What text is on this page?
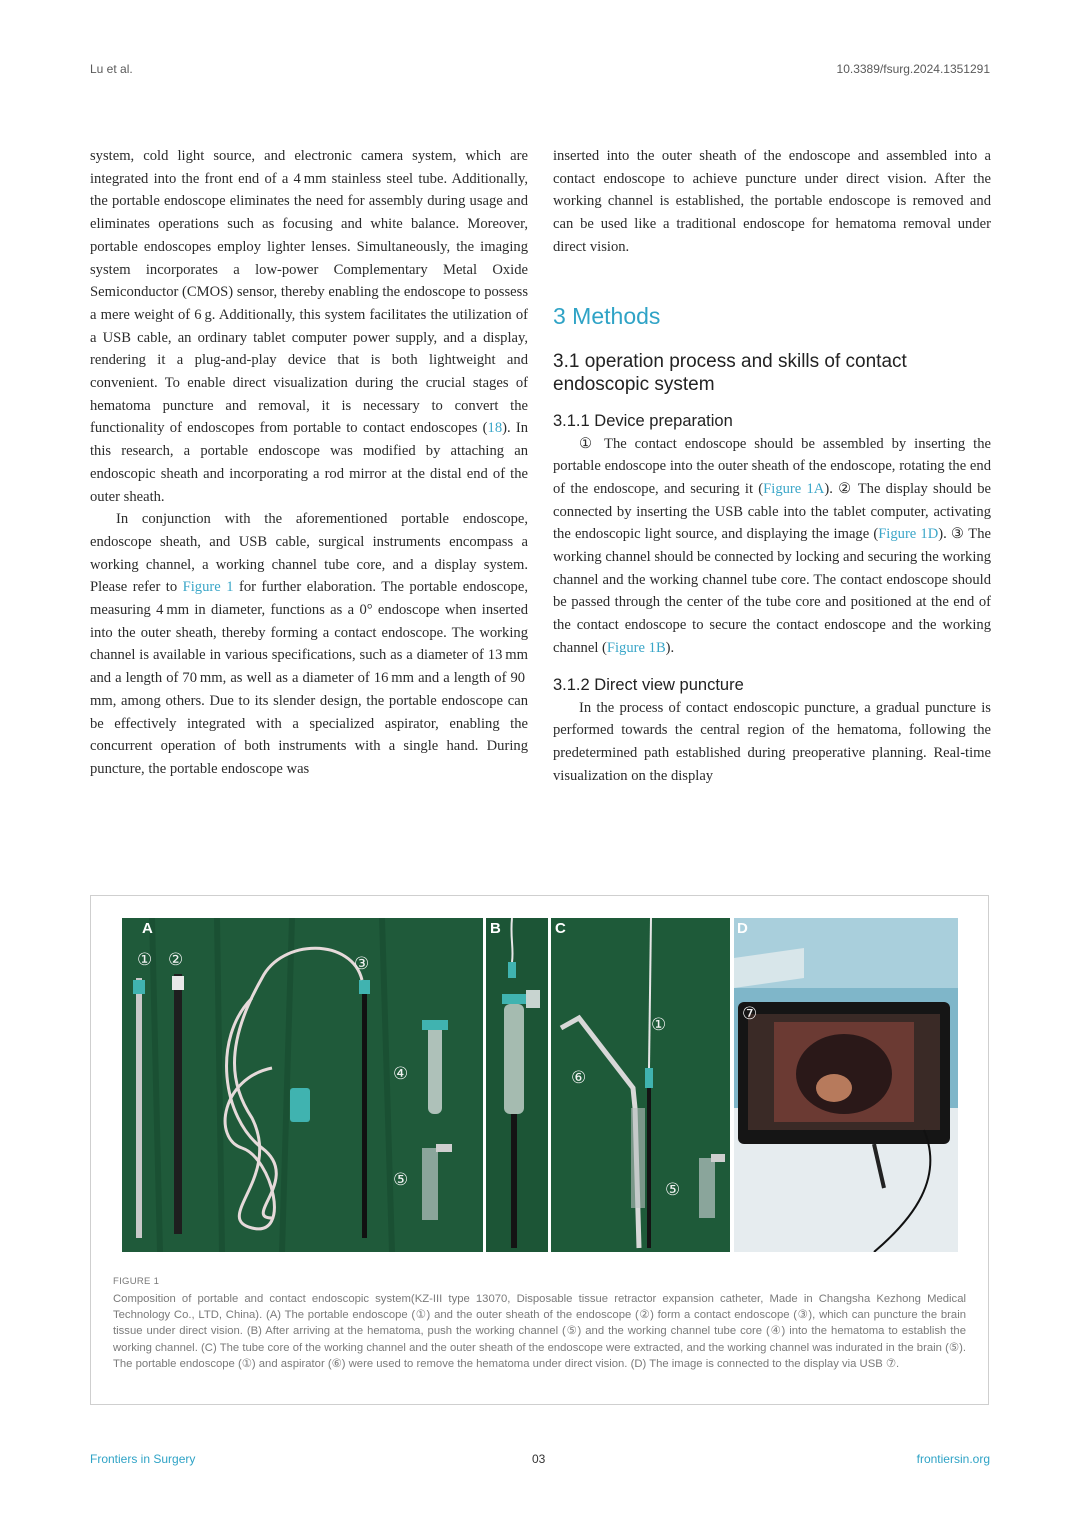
Lu et al.	10.3389/fsurg.2024.1351291

system, cold light source, and electronic camera system, which are integrated into the front end of a 4 mm stainless steel tube. Additionally, the portable endoscope eliminates the need for assembly during usage and eliminates operations such as focusing and white balance. Moreover, portable endoscopes employ lighter lenses. Simultaneously, the imaging system incorporates a low-power Complementary Metal Oxide Semiconductor (CMOS) sensor, thereby enabling the endoscope to possess a mere weight of 6 g. Additionally, this system facilitates the utilization of a USB cable, an ordinary tablet computer power supply, and a display, rendering it a plug-and-play device that is both lightweight and convenient. To enable direct visualization during the crucial stages of hematoma puncture and removal, it is necessary to convert the functionality of endoscopes from portable to contact endoscopes (18). In this research, a portable endoscope was modified by attaching an endoscopic sheath and incorporating a rod mirror at the distal end of the outer sheath.

In conjunction with the aforementioned portable endoscope, endoscope sheath, and USB cable, surgical instruments encompass a working channel, a working channel tube core, and a display system. Please refer to Figure 1 for further elaboration. The portable endoscope, measuring 4 mm in diameter, functions as a 0° endoscope when inserted into the outer sheath, thereby forming a contact endoscope. The working channel is available in various specifications, such as a diameter of 13 mm and a length of 70 mm, as well as a diameter of 16 mm and a length of 90 mm, among others. Due to its slender design, the portable endoscope can be effectively integrated with a specialized aspirator, enabling the concurrent operation of both instruments with a single hand. During puncture, the portable endoscope was

inserted into the outer sheath of the endoscope and assembled into a contact endoscope to achieve puncture under direct vision. After the working channel is established, the portable endoscope is removed and can be used like a traditional endoscope for hematoma removal under direct vision.

3 Methods
3.1 operation process and skills of contact endoscopic system
3.1.1 Device preparation

① The contact endoscope should be assembled by inserting the portable endoscope into the outer sheath of the endoscope, rotating the end of the endoscope, and securing it (Figure 1A). ② The display should be connected by inserting the USB cable into the tablet computer, activating the endoscopic light source, and displaying the image (Figure 1D). ③ The working channel should be connected by locking and securing the working channel and the working channel tube core. The contact endoscope should be passed through the center of the tube core and positioned at the end of the contact endoscope to secure the contact endoscope and the working channel (Figure 1B).

3.1.2 Direct view puncture

In the process of contact endoscopic puncture, a gradual puncture is performed towards the central region of the hematoma, following the predetermined path established during preoperative planning. Real-time visualization on the display

A
① ②	③
④
⑤
B	C
①
⑥
⑤
D
⑦
FIGURE 1
Composition of portable and contact endoscopic system(KZ-III type 13070, Disposable tissue retractor expansion catheter, Made in Changsha Kezhong Medical Technology Co., LTD, China). (A) The portable endoscope (①) and the outer sheath of the endoscope (②) form a contact endoscope (③), which can puncture the brain tissue under direct vision. (B) After arriving at the hematoma, push the working channel (⑤) and the working channel tube core (④) into the hematoma to establish the working channel. (C) The tube core of the working channel and the outer sheath of the endoscope were extracted, and the working channel was indurated in the brain (⑤). The portable endoscope (①) and aspirator (⑥) were used to remove the hematoma under direct vision. (D) The image is connected to the display via USB ⑦.
Frontiers in Surgery	03	frontiersin.org
